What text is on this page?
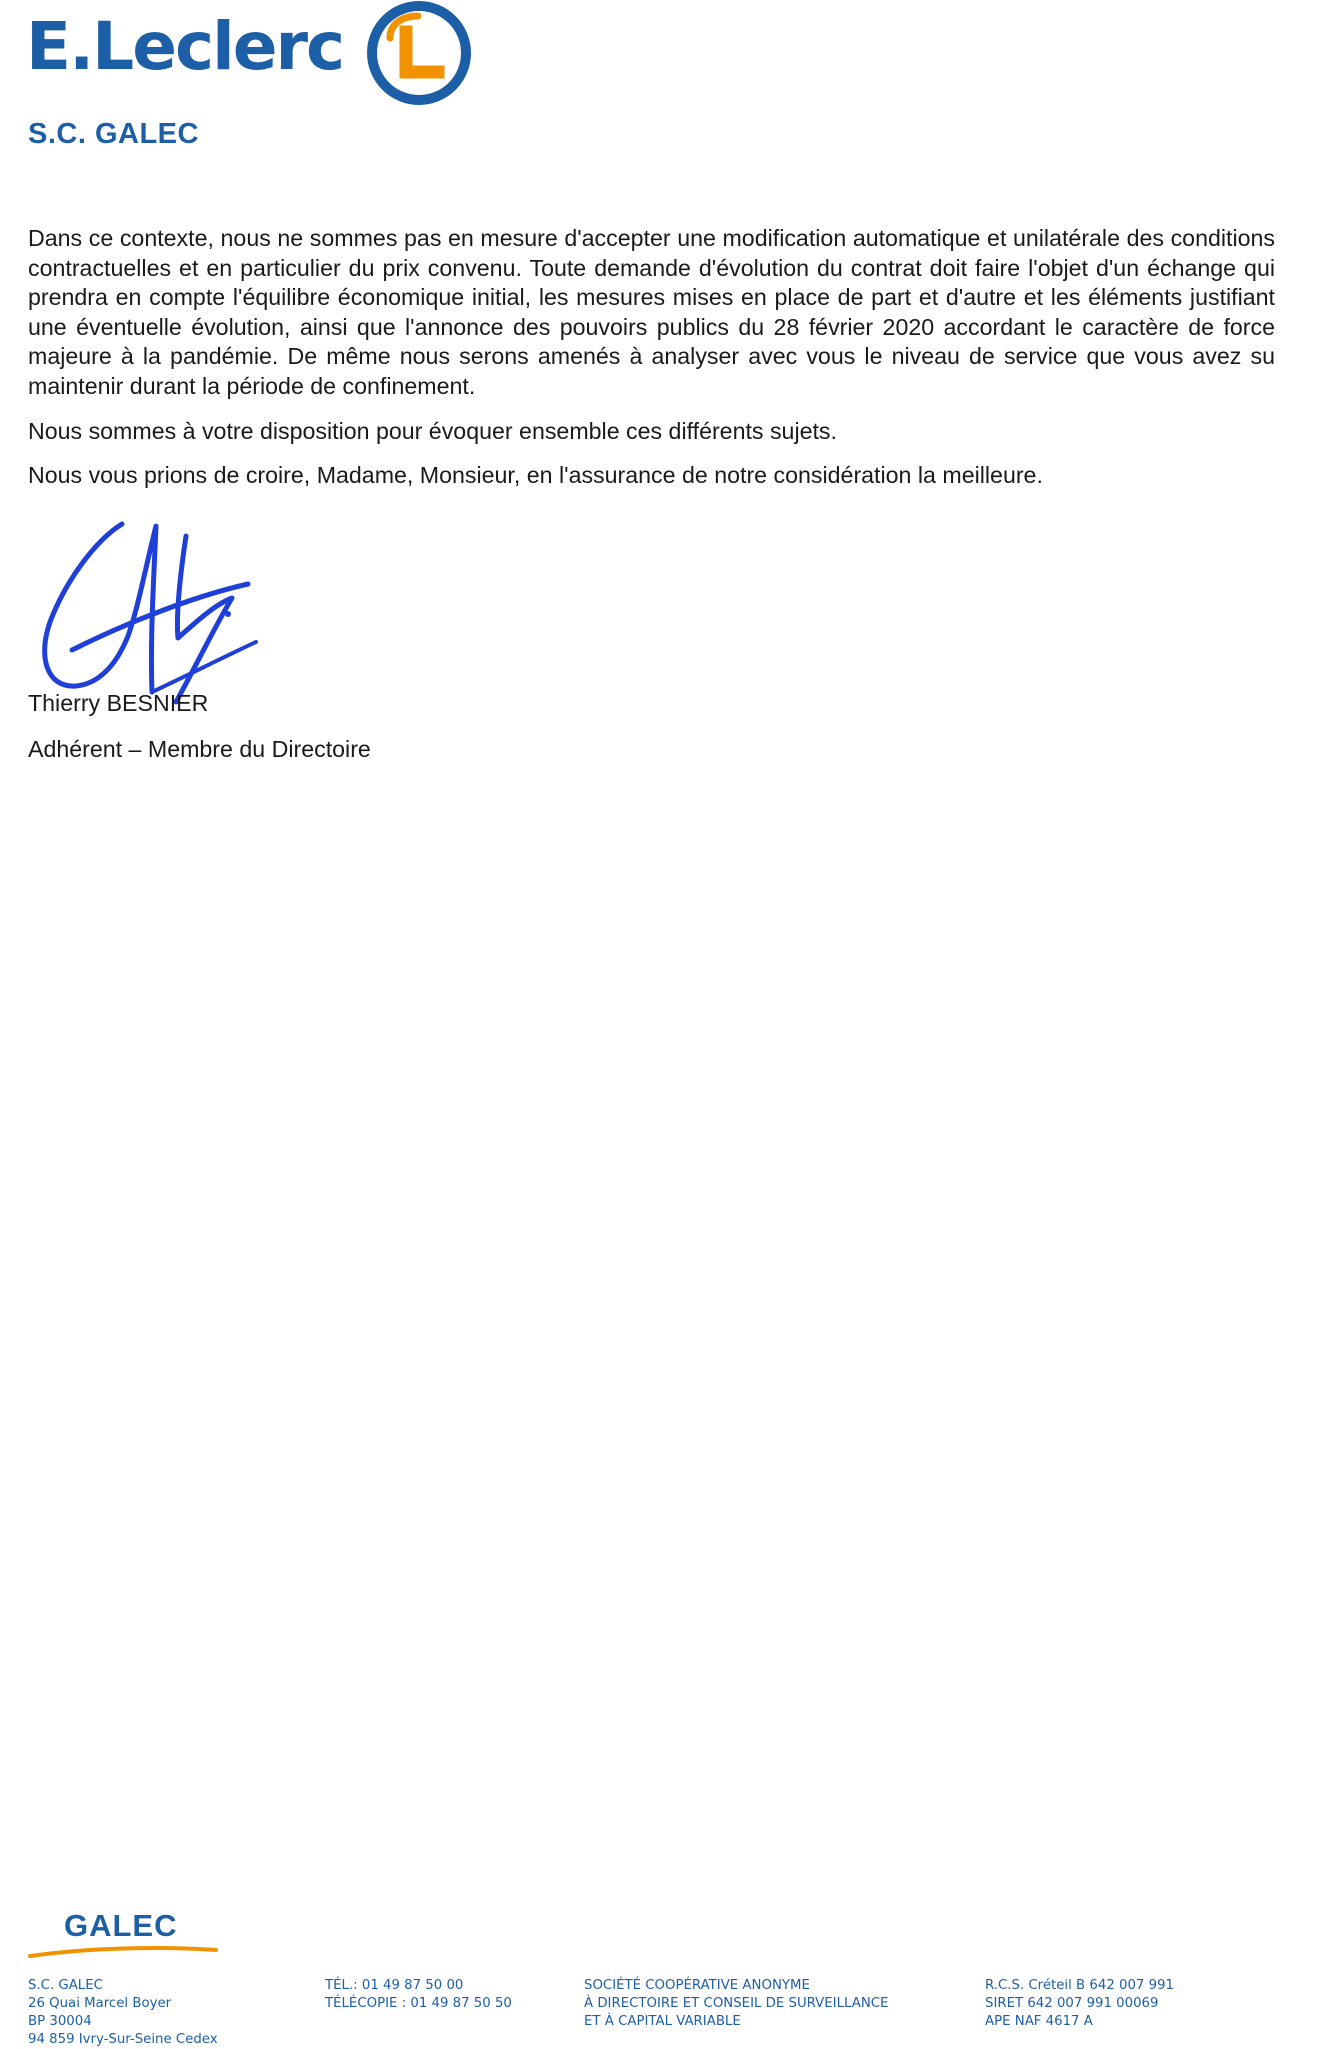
E.Leclerc
S.C. GALEC

Dans ce contexte, nous ne sommes pas en mesure d'accepter une modification automatique et unilatérale des conditions contractuelles et en particulier du prix convenu. Toute demande d'évolution du contrat doit faire l'objet d'un échange qui prendra en compte l'équilibre économique initial, les mesures mises en place de part et d'autre et les éléments justifiant une éventuelle évolution, ainsi que l'annonce des pouvoirs publics du 28 février 2020 accordant le caractère de force majeure à la pandémie. De même nous serons amenés à analyser avec vous le niveau de service que vous avez su maintenir durant la période de confinement.

Nous sommes à votre disposition pour évoquer ensemble ces différents sujets.

Nous vous prions de croire, Madame, Monsieur, en l'assurance de notre considération la meilleure.

Thierry BESNIER
Adhérent – Membre du Directoire
GALEC
S.C. GALEC
26 Quai Marcel Boyer
BP 30004
94 859 Ivry-Sur-Seine Cedex
TÉL.: 01 49 87 50 00
TÉLÉCOPIE : 01 49 87 50 50
SOCIÉTÉ COOPÉRATIVE ANONYME
À DIRECTOIRE ET CONSEIL DE SURVEILLANCE
ET À CAPITAL VARIABLE
R.C.S. Créteil B 642 007 991
SIRET 642 007 991 00069
APE NAF 4617 A
